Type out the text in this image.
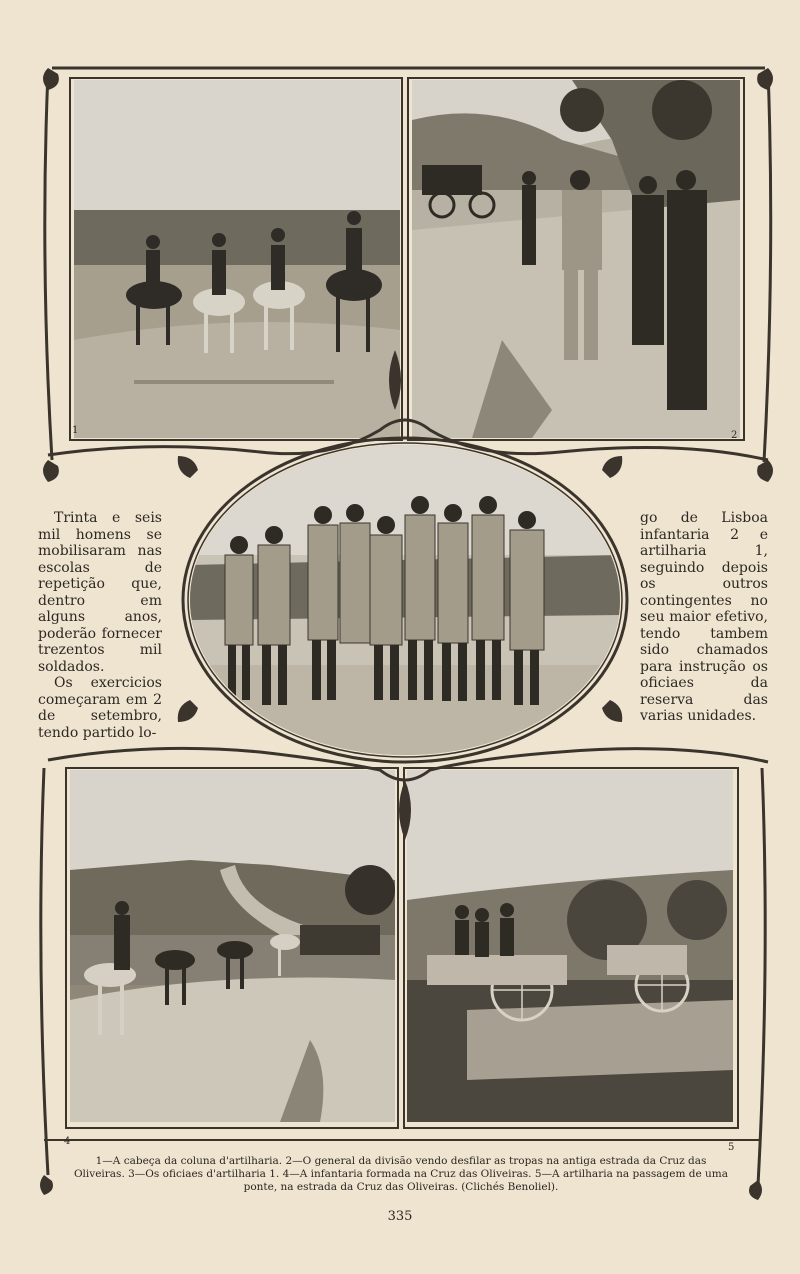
1	2
4
5

Trinta e seis mil homens se mobilisaram nas escolas de repetição que, dentro em alguns anos, poderão fornecer trezentos mil soldados.

Os exercicios começaram em 2 de setembro, tendo partido lo-

go de Lisboa infantaria 2 e artilharia 1, seguindo depois os outros contingentes no seu maior efetivo, tendo tambem sido chamados para instrução os oficiaes da reserva das varias unidades.

1—A cabeça da coluna d'artilharia. 2—O general da divisão vendo desfilar as tropas na antiga estrada da Cruz das Oliveiras. 3—Os oficiaes d'artilharia 1. 4—A infantaria formada na Cruz das Oliveiras. 5—A artilharia na passagem de uma ponte, na estrada da Cruz das Oliveiras. (Clichés Benoliel).
335
